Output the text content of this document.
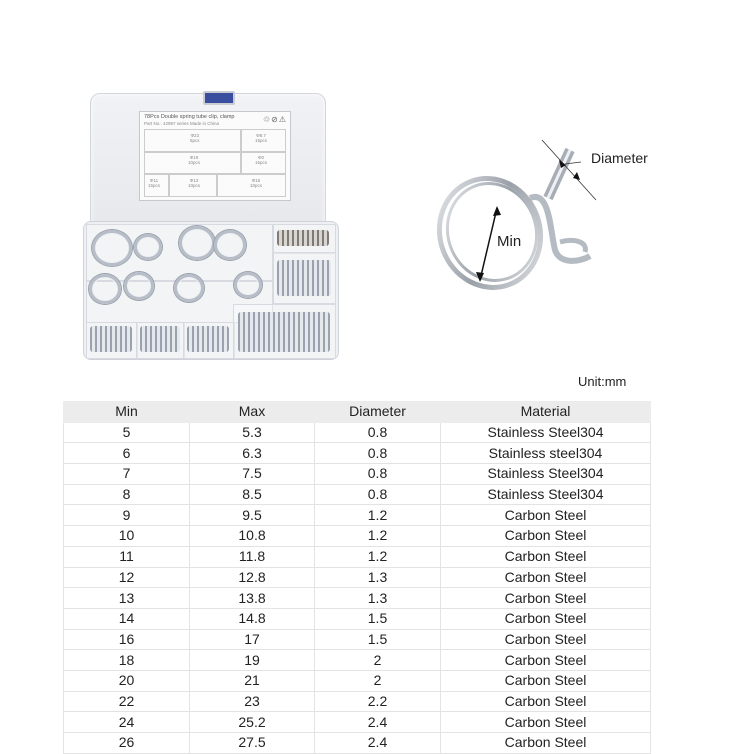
78Pcs Double spring tube clip, clamp
Part No.: 42997 series Made in China	♲⊘⚠
Φ23
5pcs
Φ8.7
15pcs
Φ19
10pcs
Φ0
15pcs
Φ11
15pcs
Φ13
10pcs
Φ16
10pcs
Diameter
Min
Unit:mm
Min	Max	Diameter	Material
5	5.3	0.8	Stainless Steel304
6	6.3	0.8	Stainless steel304
7	7.5	0.8	Stainless Steel304
8	8.5	0.8	Stainless Steel304
9	9.5	1.2	Carbon Steel
10	10.8	1.2	Carbon Steel
11	11.8	1.2	Carbon Steel
12	12.8	1.3	Carbon Steel
13	13.8	1.3	Carbon Steel
14	14.8	1.5	Carbon Steel
16	17	1.5	Carbon Steel
18	19	2	Carbon Steel
20	21	2	Carbon Steel
22	23	2.2	Carbon Steel
24	25.2	2.4	Carbon Steel
26	27.5	2.4	Carbon Steel
